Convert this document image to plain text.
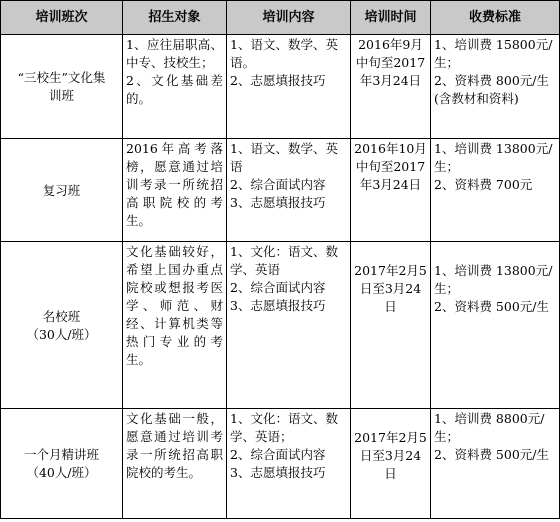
培训班次	招生对象	培训内容	培训时间	收费标准

“三校生”文化集
训班	1、应往届职高、中专、技校生；
2、文化基础差的。	1、语文、数学、英语。
2、志愿填报技巧	2016年9月中旬至2017年3月24日	1、培训费 15800元/生；
2、资料费 800元/生(含教材和资料)

复习班	2016年高考落榜，愿意通过培训考录一所统招高职院校的考生。	1、语文、数学、英语
2、综合面试内容
3、志愿填报技巧	2016年10月中旬至2017年3月24日	1、培训费 13800元/生；
2、资料费 700元

名校班
（30人/班）	文化基础较好，希望上国办重点院校或想报考医学、师范、财经、计算机类等热门专业的考生。	1、文化：语文、数学、英语
2、综合面试内容
3、志愿填报技巧	2017年2月5日至3月24日	1、培训费 13800元/生；
2、资料费 500元/生

一个月精讲班
（40人/班）	文化基础一般，愿意通过培训考录一所统招高职院校的考生。	1、文化：语文、数学、英语；
2、综合面试内容
3、志愿填报技巧	2017年2月5日至3月24日	1、培训费 8800元/生；
2、资料费 500元/生
